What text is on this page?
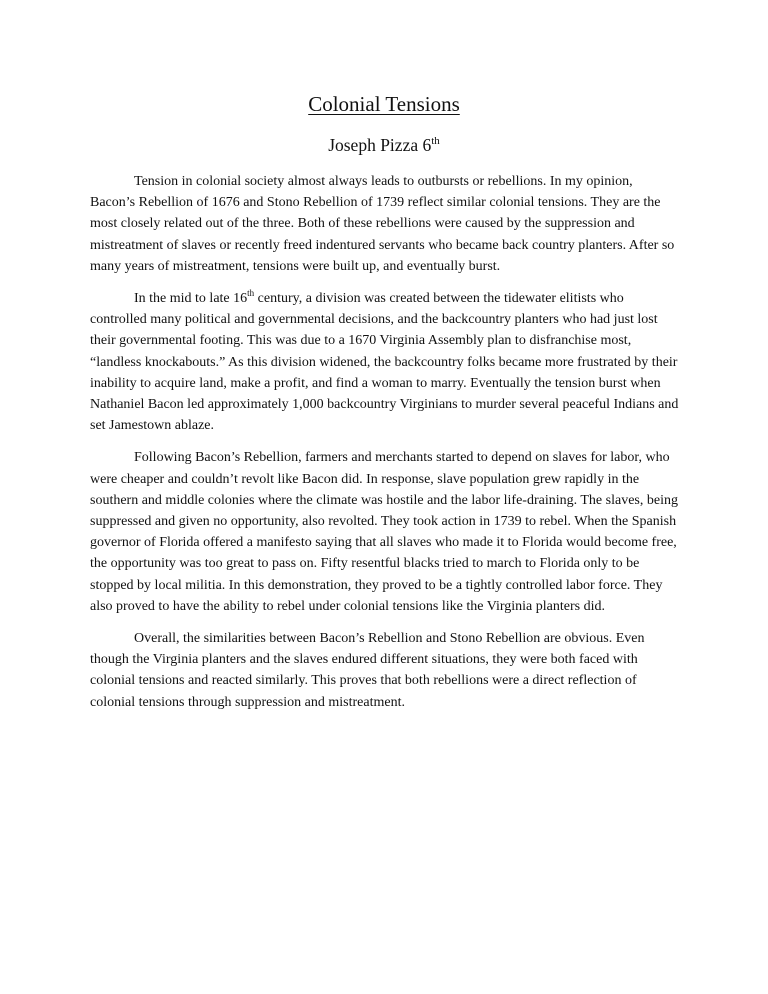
Colonial Tensions
Joseph Pizza 6th

Tension in colonial society almost always leads to outbursts or rebellions. In my opinion, Bacon’s Rebellion of 1676 and Stono Rebellion of 1739 reflect similar colonial tensions. They are the most closely related out of the three. Both of these rebellions were caused by the suppression and mistreatment of slaves or recently freed indentured servants who became back country planters. After so many years of mistreatment, tensions were built up, and eventually burst.

In the mid to late 16th century, a division was created between the tidewater elitists who controlled many political and governmental decisions, and the backcountry planters who had just lost their governmental footing. This was due to a 1670 Virginia Assembly plan to disfranchise most, “landless knockabouts.” As this division widened, the backcountry folks became more frustrated by their inability to acquire land, make a profit, and find a woman to marry. Eventually the tension burst when Nathaniel Bacon led approximately 1,000 backcountry Virginians to murder several peaceful Indians and set Jamestown ablaze.

Following Bacon’s Rebellion, farmers and merchants started to depend on slaves for labor, who were cheaper and couldn’t revolt like Bacon did. In response, slave population grew rapidly in the southern and middle colonies where the climate was hostile and the labor life-draining. The slaves, being suppressed and given no opportunity, also revolted. They took action in 1739 to rebel. When the Spanish governor of Florida offered a manifesto saying that all slaves who made it to Florida would become free, the opportunity was too great to pass on. Fifty resentful blacks tried to march to Florida only to be stopped by local militia. In this demonstration, they proved to be a tightly controlled labor force. They also proved to have the ability to rebel under colonial tensions like the Virginia planters did.

Overall, the similarities between Bacon’s Rebellion and Stono Rebellion are obvious. Even though the Virginia planters and the slaves endured different situations, they were both faced with colonial tensions and reacted similarly. This proves that both rebellions were a direct reflection of colonial tensions through suppression and mistreatment.
